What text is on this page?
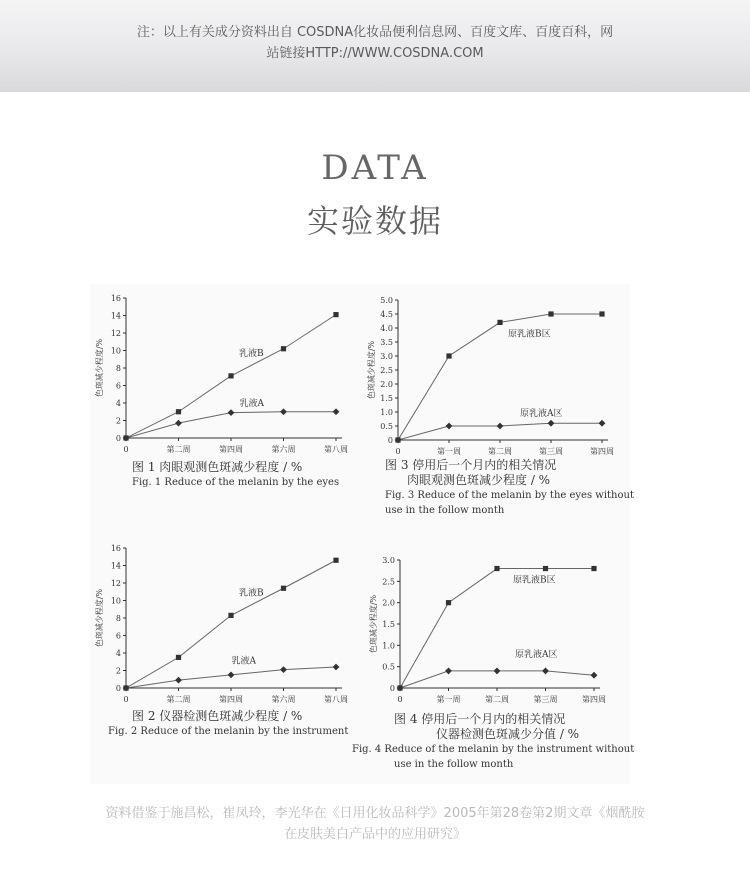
注：以上有关成分资料出自 COSDNA化妆品便利信息网、百度文库、百度百科，网站链接HTTP://WWW.COSDNA.COM
DATA
实验数据
0
2
4
6
8
10
12
14
16
0	第二周	第四周	第六周	第八周
色斑减少程度/%	乳液B
乳液A
图 1 肉眼观测色斑减少程度 / %
Fig. 1 Reduce of the melanin by the eyes
0
0.5
1.0
1.5
2.0
2.5
3.0
3.5
4.0
4.5
5.0
0	第一周	第二周	第三周	第四周
色斑减少程度/%
原乳液B区
原乳液A区
图 3 停用后一个月内的相关情况
肉眼观测色斑减少程度 / %
Fig. 3 Reduce of the melanin by the eyes without
use in the follow month
0
2
4
6
8
10
12
14
16
0	第二周	第四周	第六周	第八周
色斑减少程度/%	乳液B
乳液A
图 2 仪器检测色斑减少程度 / %
Fig. 2 Reduce of the melanin by the instrument
0
0.5
1.0
1.5
2.0
2.5
3.0
0	第一周	第二周	第三周	第四周
色斑减少程度/%
原乳液B区
原乳液A区
图 4 停用后一个月内的相关情况
仪器检测色斑减少分值 / %
Fig. 4 Reduce of the melanin by the instrument without
use in the follow month
资料借鉴于施昌松，崔凤玲，李光华在《日用化妆品科学》2005年第28卷第2期文章《烟酰胺在皮肤美白产品中的应用研究》
